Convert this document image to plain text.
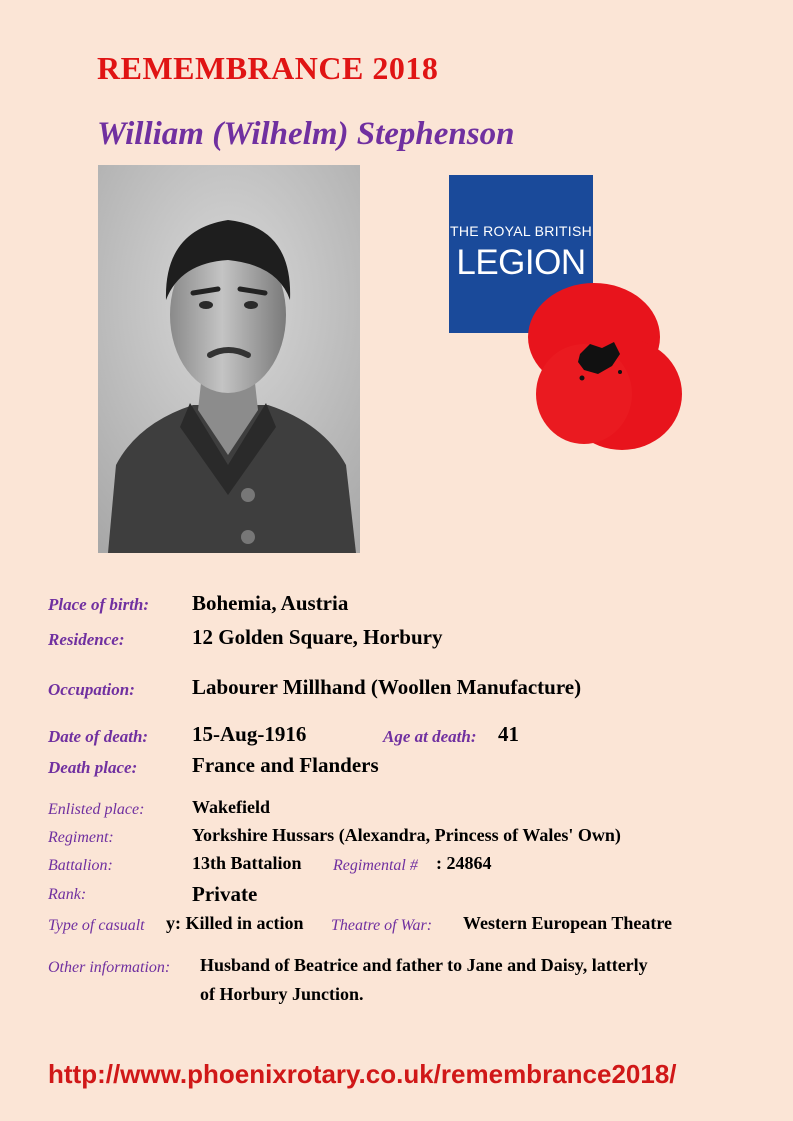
REMEMBRANCE 2018
William (Wilhelm) Stephenson
THE ROYAL BRITISH
LEGION
Place of birth: Bohemia, Austria
Residence:	12 Golden Square, Horbury
Occupation:	Labourer Millhand (Woollen Manufacture)
Date of death: 15-Aug-1916	Age at death: 41
Death place:	France and Flanders
Enlisted place:	Wakefield
Regiment:	Yorkshire Hussars (Alexandra, Princess of Wales' Own)
Battalion:	13th Battalion Regimental # : 24864
Rank:	Private
Type of casualt y: Killed in action Theatre of War: Western European Theatre
Other information: Husband of Beatrice and father to Jane and Daisy, latterly
of Horbury Junction.
http://www.phoenixrotary.co.uk/remembrance2018/
